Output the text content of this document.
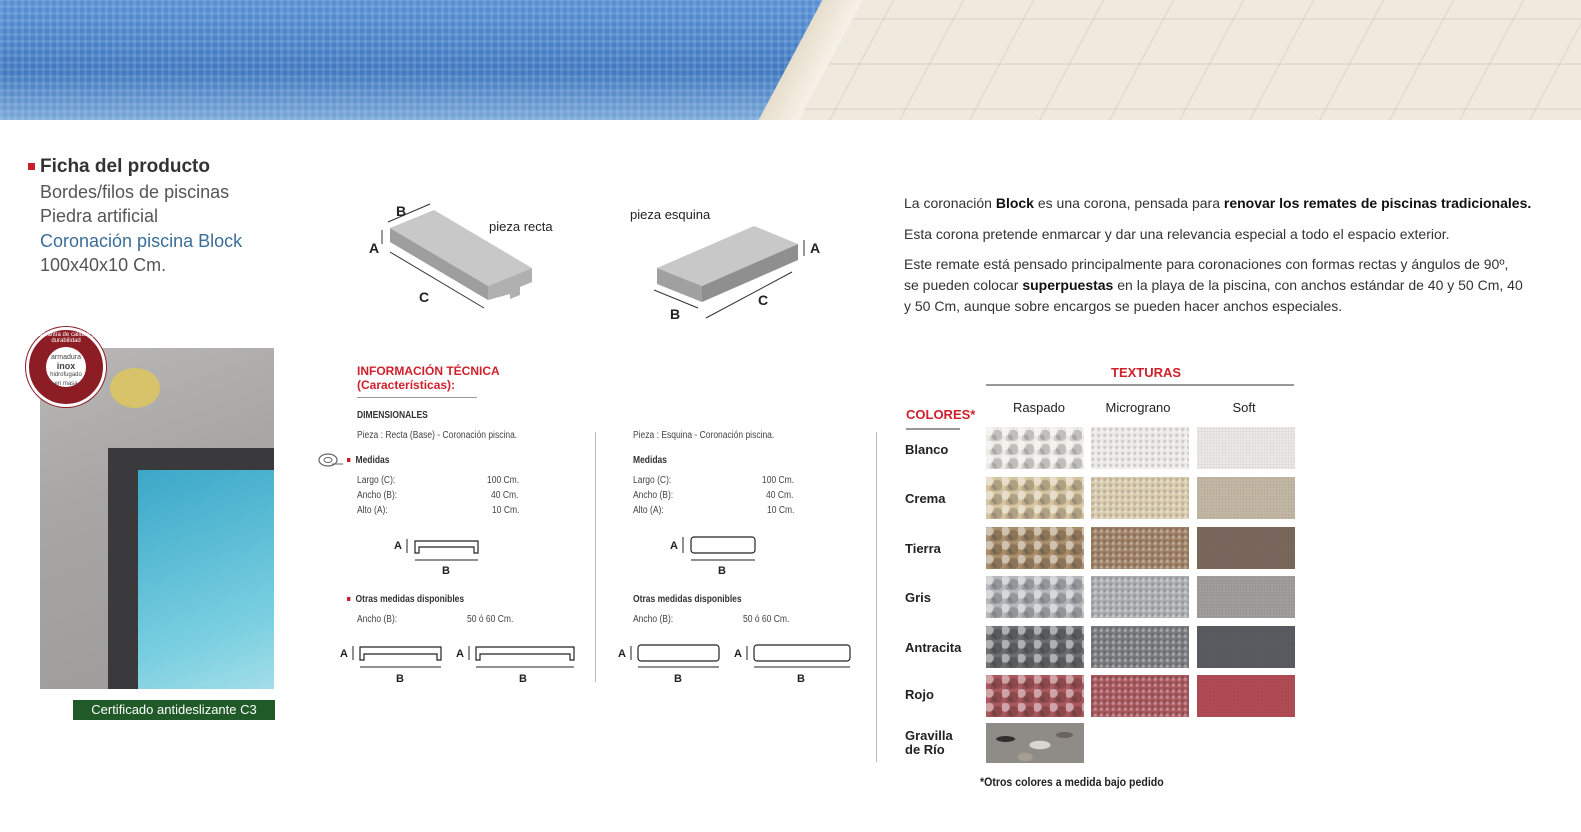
Ficha del producto
Bordes/filos de piscinas
Piedra artificial
Coronación piscina Block
100x40x10 Cm.
Garantía de calidad y durabilidad
armadura
inox
hidrofugado
en masa
Certificado antideslizante C3
B
A
C
pieza recta
A
B
C
pieza esquina
La coronación Block es una corona, pensada para renovar los remates de piscinas tradicionales.
Esta corona pretende enmarcar y dar una relevancia especial a todo el espacio exterior.
Este remate está pensado principalmente para coronaciones con formas rectas y ángulos de 90º, se pueden colocar superpuestas en la playa de la piscina, con anchos estándar de 40 y 50 Cm, 40 y 50 Cm, aunque sobre encargos se pueden hacer anchos especiales.
INFORMACIÓN TÉCNICA
(Características):
DIMENSIONALES
Pieza : Recta (Base) - Coronación piscina.
Medidas
Largo (C):	100 Cm.
Ancho (B):	40 Cm.
Alto (A):	10 Cm.
A
B
Otras medidas disponibles
Ancho (B):	50 ó 60 Cm.
A
B
A
B
Pieza : Esquina - Coronación piscina.
Medidas
Largo (C):	100 Cm.
Ancho (B):	40 Cm.
Alto (A):	10 Cm.
A
B
Otras medidas disponibles
Ancho (B):	50 ó 60 Cm.
A
B
A
B
TEXTURAS
COLORES*	Raspado	Micrograno	Soft
Blanco
Crema
Tierra
Gris
Antracita
Rojo
Gravilla de Río
*Otros colores a medida bajo pedido
